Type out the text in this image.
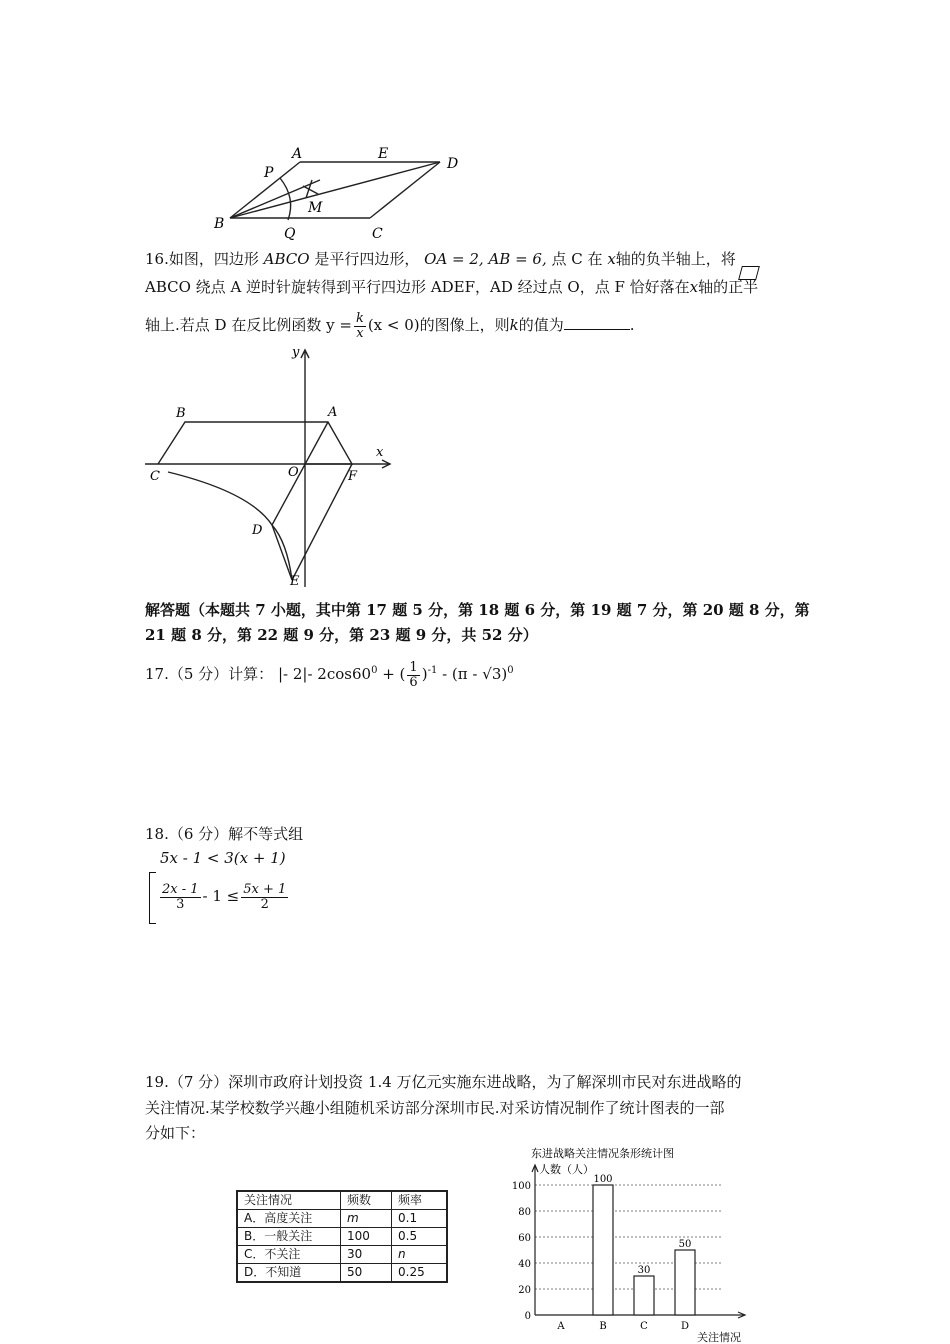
A	E
D
P
M
B
Q	C
16.如图，四边形 ABCO 是平行四边形， OA = 2, AB = 6, 点 C 在 x轴的负半轴上，将
ABCO 绕点 A 逆时针旋转得到平行四边形 ADEF，AD 经过点 O，点 F 恰好落在x轴的正半
轴上.若点 D 在反比例函数 $y = \frac{k}{x} (x < 0)$的图像上，则k的值为	.
y
x
B	A
C	O	F
D
E
解答题（本题共 7 小题，其中第 17 题 5 分，第 18 题 6 分，第 19 题 7 分，第 20 题 8 分，第
21 题 8 分，第 22 题 9 分，第 23 题 9 分，共 52 分）
17.（5 分）计算： |- 2|- $2\cos 60^0$ + ( $\frac{1}{6} )^{-1} - (\pi - √3)^0$
18.（6 分）解不等式组
5x - 1 < 3(x + 1)
$\frac{2x - 1}{3} - 1 \le \frac{5x + 1}{2}$
19.（7 分）深圳市政府计划投资 1.4 万亿元实施东进战略，为了解深圳市民对东进战略的
关注情况.某学校数学兴趣小组随机采访部分深圳市民.对采访情况制作了统计图表的一部
分如下：
关注情况	频数	频率
A．高度关注	m	0.1
B．一般关注	100	0.5
C．不关注	30	n
D．不知道	50	0.25
东进战略关注情况条形统计图
人数（人）
关注情况
0
20
40
60
80
100
A	B
100
C
30
D
50
